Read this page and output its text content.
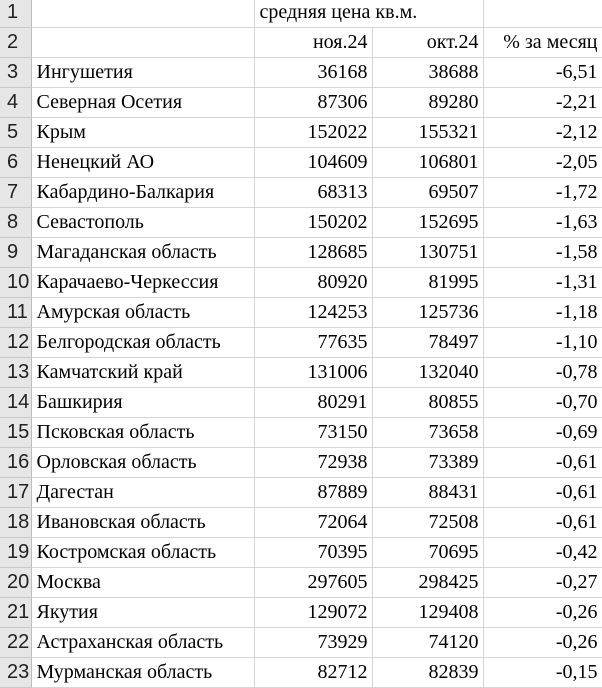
1		средняя цена кв.м.		
2		ноя.24	окт.24	% за месяц
3	Ингушетия	36168	38688	-6,51
4	Северная Осетия	87306	89280	-2,21
5	Крым	152022	155321	-2,12
6	Ненецкий АО	104609	106801	-2,05
7	Кабардино-Балкария	68313	69507	-1,72
8	Севастополь	150202	152695	-1,63
9	Магаданская область	128685	130751	-1,58
10	Карачаево-Черкессия	80920	81995	-1,31
11	Амурская область	124253	125736	-1,18
12	Белгородская область	77635	78497	-1,10
13	Камчатский край	131006	132040	-0,78
14	Башкирия	80291	80855	-0,70
15	Псковская область	73150	73658	-0,69
16	Орловская область	72938	73389	-0,61
17	Дагестан	87889	88431	-0,61
18	Ивановская область	72064	72508	-0,61
19	Костромская область	70395	70695	-0,42
20	Москва	297605	298425	-0,27
21	Якутия	129072	129408	-0,26
22	Астраханская область	73929	74120	-0,26
23	Мурманская область	82712	82839	-0,15
